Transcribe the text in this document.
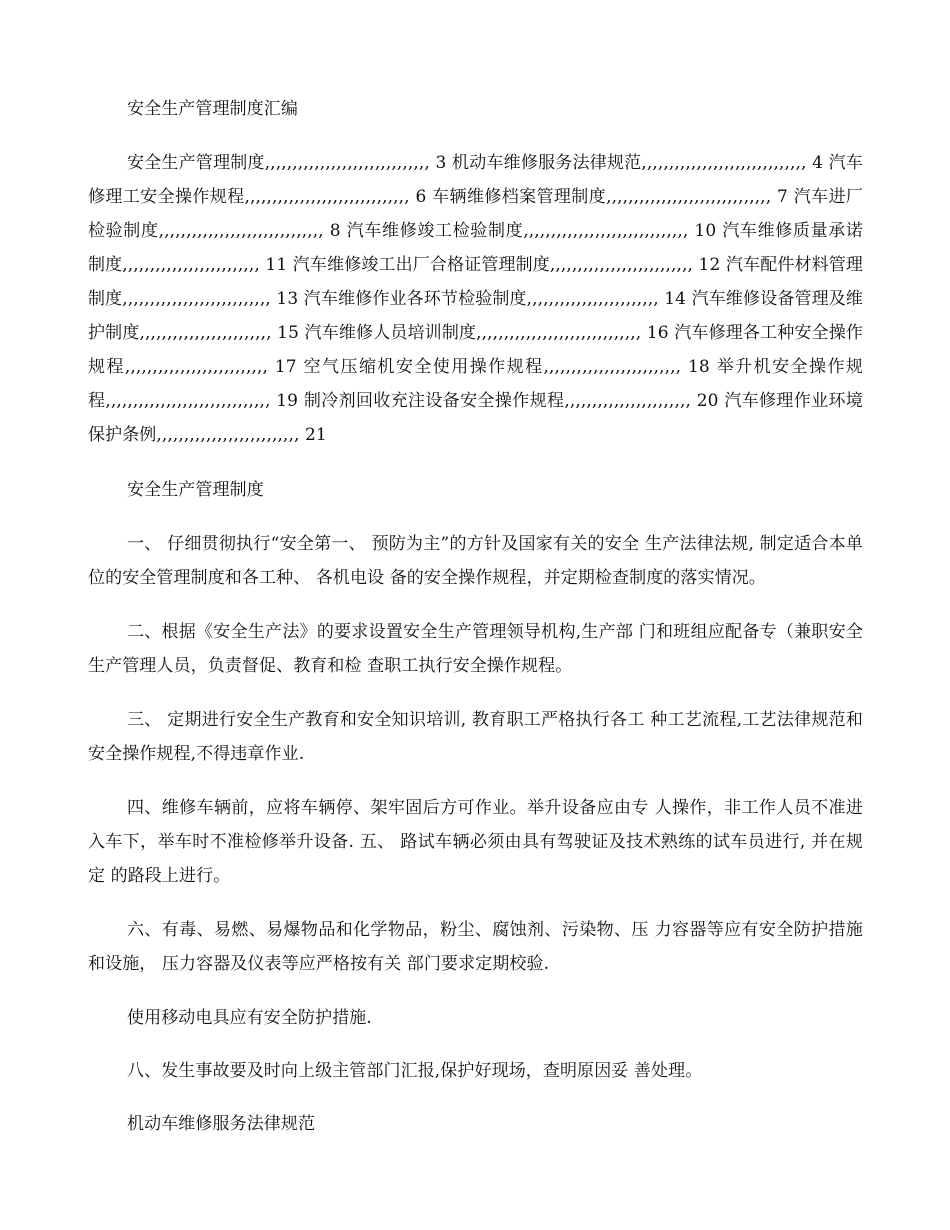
安全生产管理制度汇编

安全生产管理制度,,,,,,,,,,,,,,,,,,,,,,,,,,,,,, 3 机动车维修服务法律规范,,,,,,,,,,,,,,,,,,,,,,,,,,,,,, 4 汽车修理工安全操作规程,,,,,,,,,,,,,,,,,,,,,,,,,,,,,, 6 车辆维修档案管理制度,,,,,,,,,,,,,,,,,,,,,,,,,,,,,, 7 汽车进厂检验制度,,,,,,,,,,,,,,,,,,,,,,,,,,,,,, 8 汽车维修竣工检验制度,,,,,,,,,,,,,,,,,,,,,,,,,,,,,, 10 汽车维修质量承诺制度,,,,,,,,,,,,,,,,,,,,,,,,, 11 汽车维修竣工出厂合格证管理制度,,,,,,,,,,,,,,,,,,,,,,,,,, 12 汽车配件材料管理制度,,,,,,,,,,,,,,,,,,,,,,,,,,, 13 汽车维修作业各环节检验制度,,,,,,,,,,,,,,,,,,,,,,,, 14 汽车维修设备管理及维护制度,,,,,,,,,,,,,,,,,,,,,,,, 15 汽车维修人员培训制度,,,,,,,,,,,,,,,,,,,,,,,,,,,,,, 16 汽车修理各工种安全操作规程,,,,,,,,,,,,,,,,,,,,,,,,,, 17 空气压缩机安全使用操作规程,,,,,,,,,,,,,,,,,,,,,,,,, 18 举升机安全操作规程,,,,,,,,,,,,,,,,,,,,,,,,,,,,,, 19 制冷剂回收充注设备安全操作规程,,,,,,,,,,,,,,,,,,,,,,, 20 汽车修理作业环境保护条例,,,,,,,,,,,,,,,,,,,,,,,,,, 21

安全生产管理制度

一、 仔细贯彻执行“安全第一、 预防为主”的方针及国家有关的安全 生产法律法规, 制定适合本单位的安全管理制度和各工种、 各机电设 备的安全操作规程，并定期检查制度的落实情况。

二、根据《安全生产法》的要求设置安全生产管理领导机构,生产部 门和班组应配备专（兼职安全生产管理人员，负责督促、教育和检 查职工执行安全操作规程。

三、 定期进行安全生产教育和安全知识培训, 教育职工严格执行各工 种工艺流程,工艺法律规范和安全操作规程,不得违章作业.

四、维修车辆前，应将车辆停、架牢固后方可作业。举升设备应由专 人操作，非工作人员不准进入车下，举车时不准检修举升设备. 五、 路试车辆必须由具有驾驶证及技术熟练的试车员进行, 并在规定 的路段上进行。

六、有毒、易燃、易爆物品和化学物品，粉尘、腐蚀剂、污染物、压 力容器等应有安全防护措施和设施， 压力容器及仪表等应严格按有关 部门要求定期校验.

使用移动电具应有安全防护措施.

八、发生事故要及时向上级主管部门汇报,保护好现场，查明原因妥 善处理。

机动车维修服务法律规范
